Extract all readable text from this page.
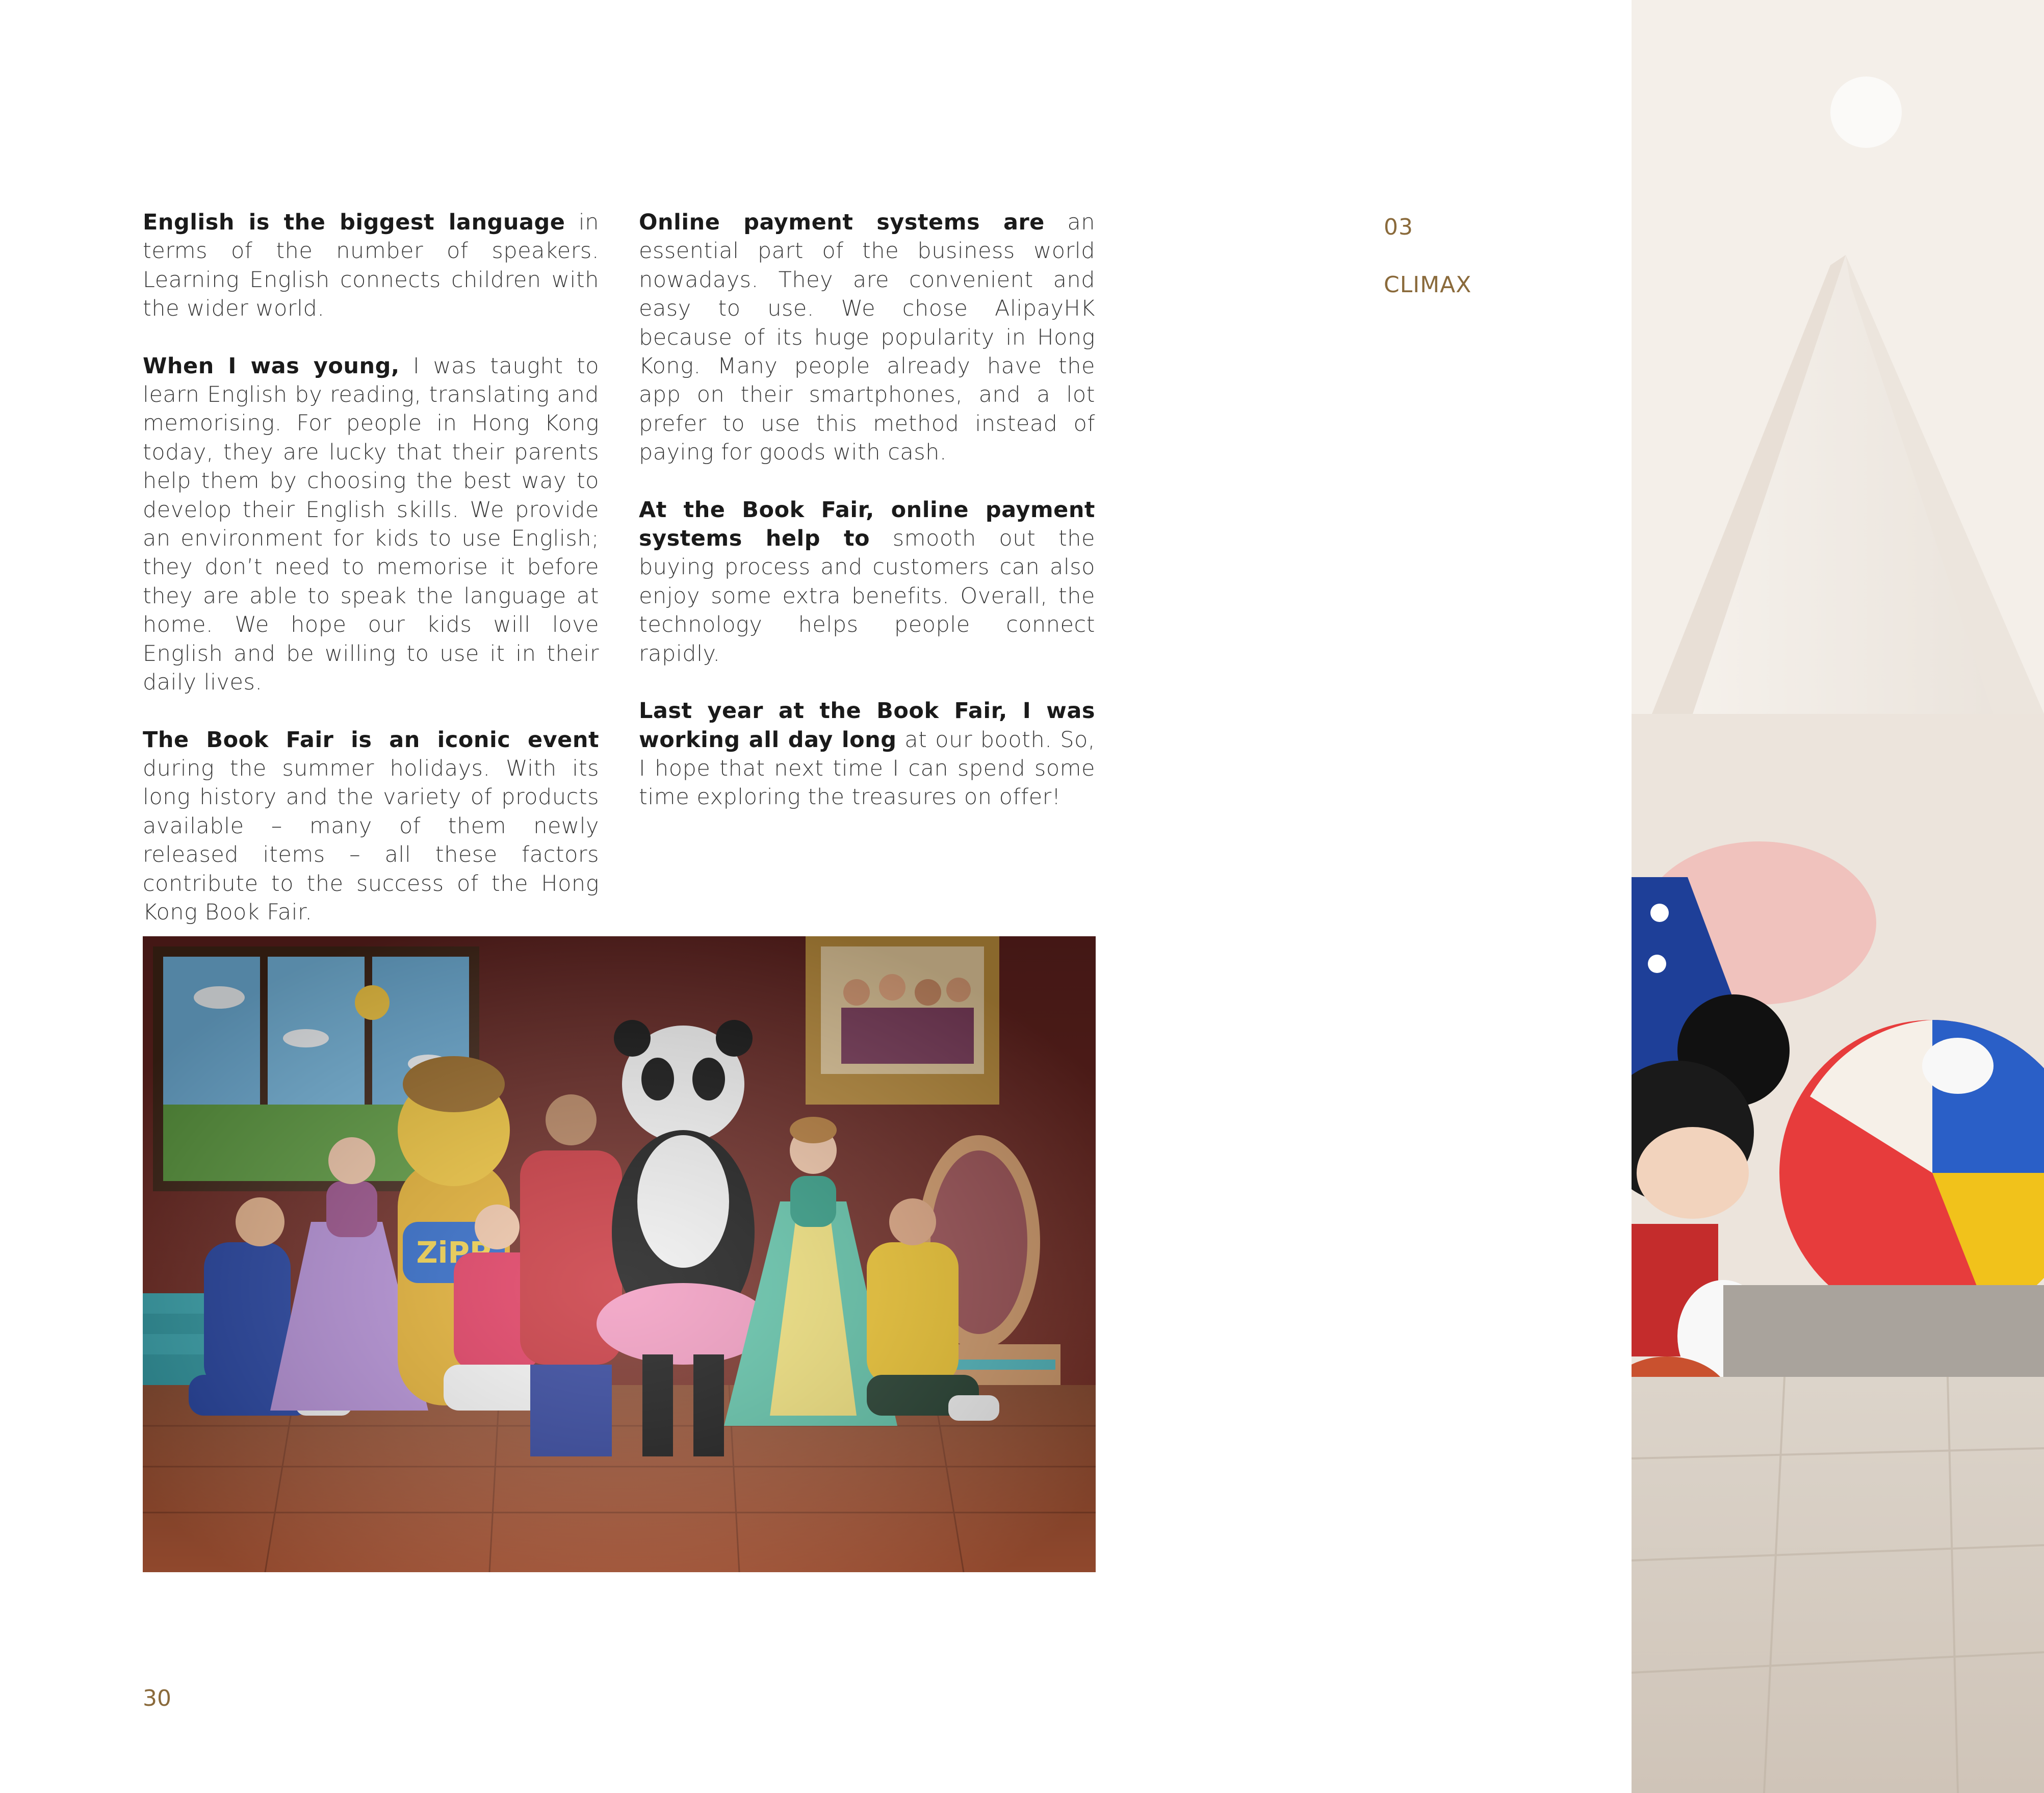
English is the biggest language in terms of the number of speakers. Learning English connects children with the wider world.

When I was young, I was taught to learn English by reading, translating and memorising. For people in Hong Kong today, they are lucky that their parents help them by choosing the best way to develop their English skills. We provide an environment for kids to use English; they don’t need to memorise it before they are able to speak the language at home. We hope our kids will love English and be willing to use it in their daily lives.

The Book Fair is an iconic event during the summer holidays. With its long history and the variety of products available – many of them newly released items – all these factors contribute to the success of the Hong Kong Book Fair.

Online payment systems are an essential part of the business world nowadays. They are convenient and easy to use. We chose AlipayHK because of its huge popularity in Hong Kong. Many people already have the app on their smartphones, and a lot prefer to use this method instead of paying for goods with cash.

At the Book Fair, online payment systems help to smooth out the buying process and customers can also enjoy some extra benefits. Overall, the technology helps people connect rapidly.

Last year at the Book Fair, I was working all day long at our booth. So, I hope that next time I can spend some time exploring the treasures on offer!

03
CLIMAX
30
